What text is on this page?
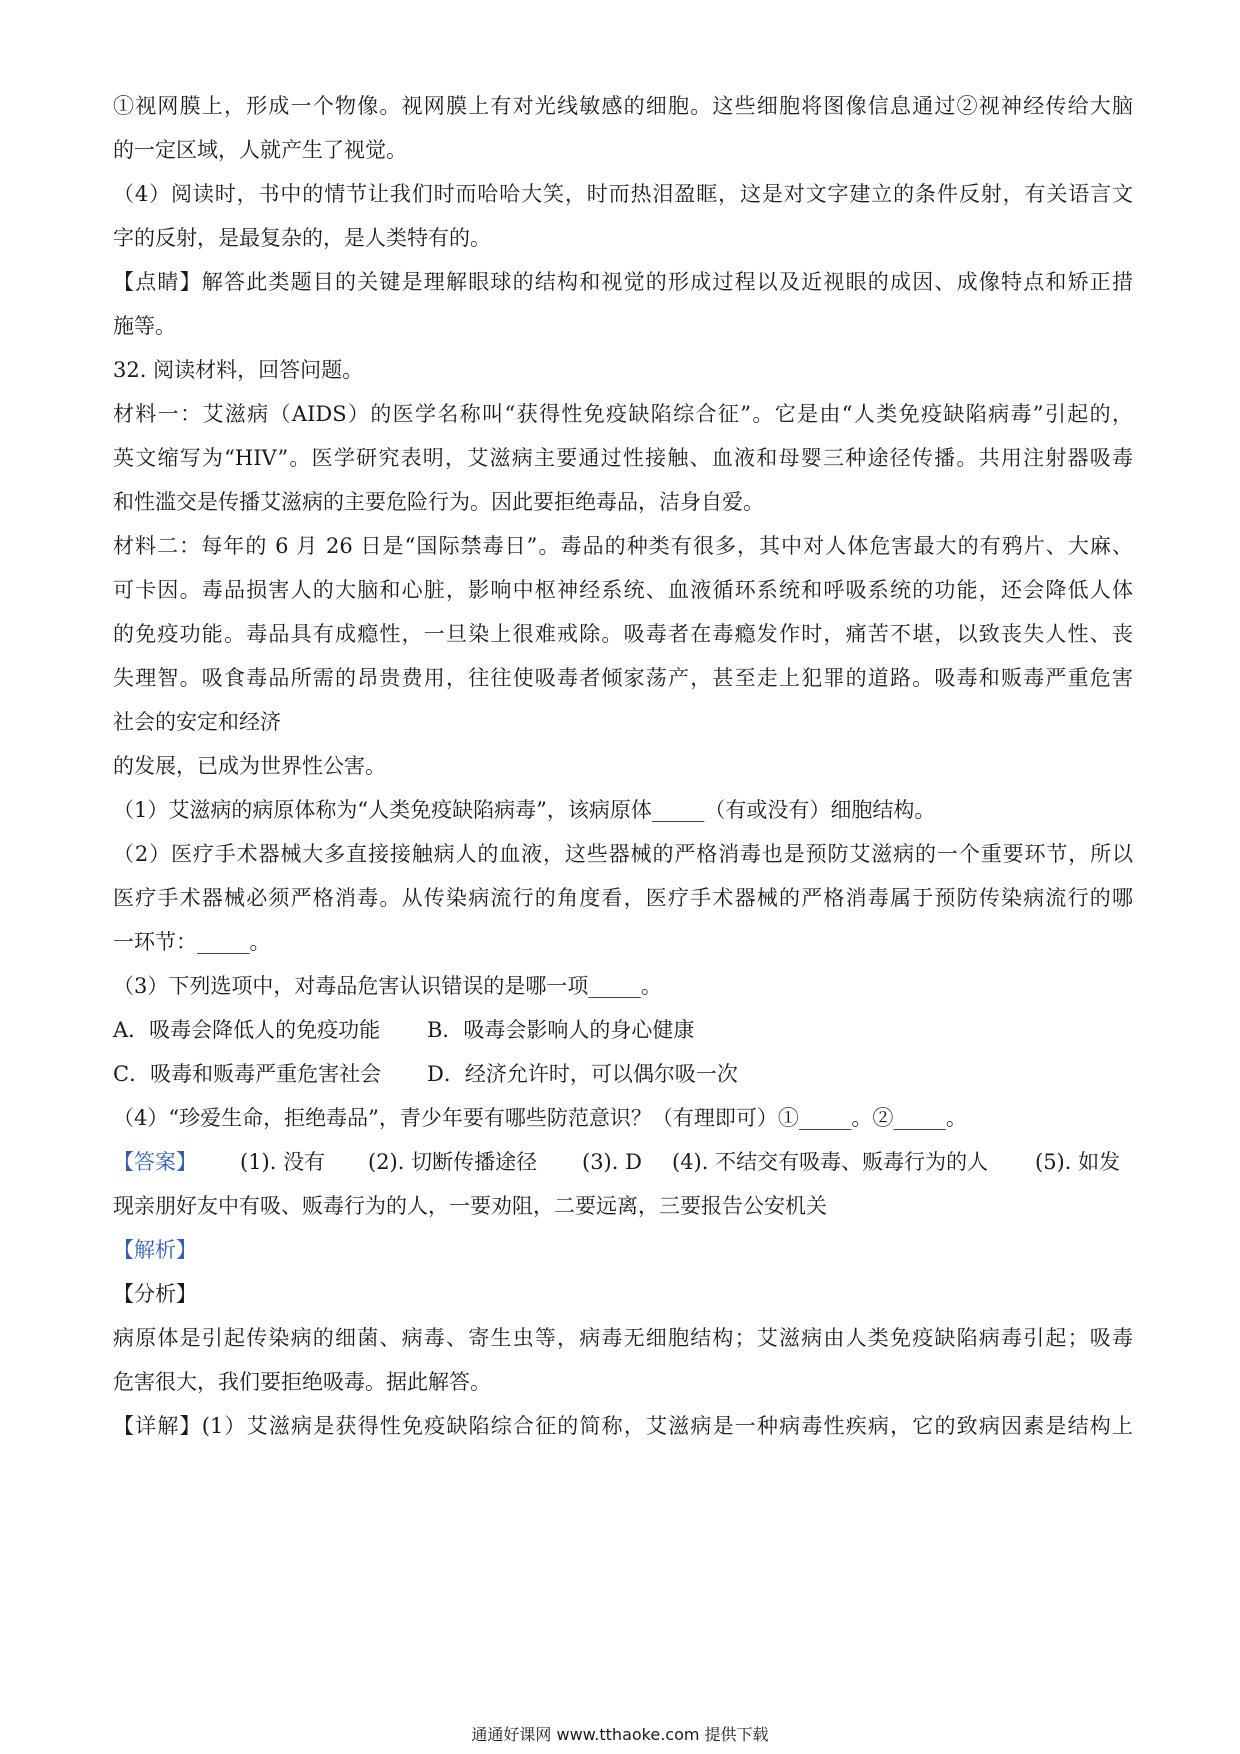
①视网膜上，形成一个物像。视网膜上有对光线敏感的细胞。这些细胞将图像信息通过②视神经传给大脑
的一定区域，人就产生了视觉。
（4）阅读时，书中的情节让我们时而哈哈大笑，时而热泪盈眶，这是对文字建立的条件反射，有关语言文
字的反射，是最复杂的，是人类特有的。
【点睛】解答此类题目的关键是理解眼球的结构和视觉的形成过程以及近视眼的成因、成像特点和矫正措
施等。
32. 阅读材料，回答问题。
材料一：艾滋病（AIDS）的医学名称叫“获得性免疫缺陷综合征”。它是由“人类免疫缺陷病毒”引起的，
英文缩写为“HIV”。医学研究表明，艾滋病主要通过性接触、血液和母婴三种途径传播。共用注射器吸毒
和性滥交是传播艾滋病的主要危险行为。因此要拒绝毒品，洁身自爱。
材料二：每年的 6 月 26 日是“国际禁毒日”。毒品的种类有很多，其中对人体危害最大的有鸦片、大麻、
可卡因。毒品损害人的大脑和心脏，影响中枢神经系统、血液循环系统和呼吸系统的功能，还会降低人体
的免疫功能。毒品具有成瘾性，一旦染上很难戒除。吸毒者在毒瘾发作时，痛苦不堪，以致丧失人性、丧
失理智。吸食毒品所需的昂贵费用，往往使吸毒者倾家荡产，甚至走上犯罪的道路。吸毒和贩毒严重危害
社会的安定和经济
的发展，已成为世界性公害。
（1）艾滋病的病原体称为“人类免疫缺陷病毒”，该病原体_____（有或没有）细胞结构。
（2）医疗手术器械大多直接接触病人的血液，这些器械的严格消毒也是预防艾滋病的一个重要环节，所以
医疗手术器械必须严格消毒。从传染病流行的角度看，医疗手术器械的严格消毒属于预防传染病流行的哪
一环节：_____。
（3）下列选项中，对毒品危害认识错误的是哪一项_____。
A．吸毒会降低人的免疫功能 B．吸毒会影响人的身心健康
C．吸毒和贩毒严重危害社会 D．经济允许时，可以偶尔吸一次
（4）“珍爱生命，拒绝毒品”，青少年要有哪些防范意识？（有理即可）①_____。②_____。
【答案】 (1). 没有 (2). 切断传播途径 (3). D (4). 不结交有吸毒、贩毒行为的人 (5). 如发
现亲朋好友中有吸、贩毒行为的人，一要劝阻，二要远离，三要报告公安机关
【解析】
【分析】
病原体是引起传染病的细菌、病毒、寄生虫等，病毒无细胞结构；艾滋病由人类免疫缺陷病毒引起；吸毒
危害很大，我们要拒绝吸毒。据此解答。
【详解】(1）艾滋病是获得性免疫缺陷综合征的简称，艾滋病是一种病毒性疾病，它的致病因素是结构上
通通好课网 www.tthaoke.com 提供下载
